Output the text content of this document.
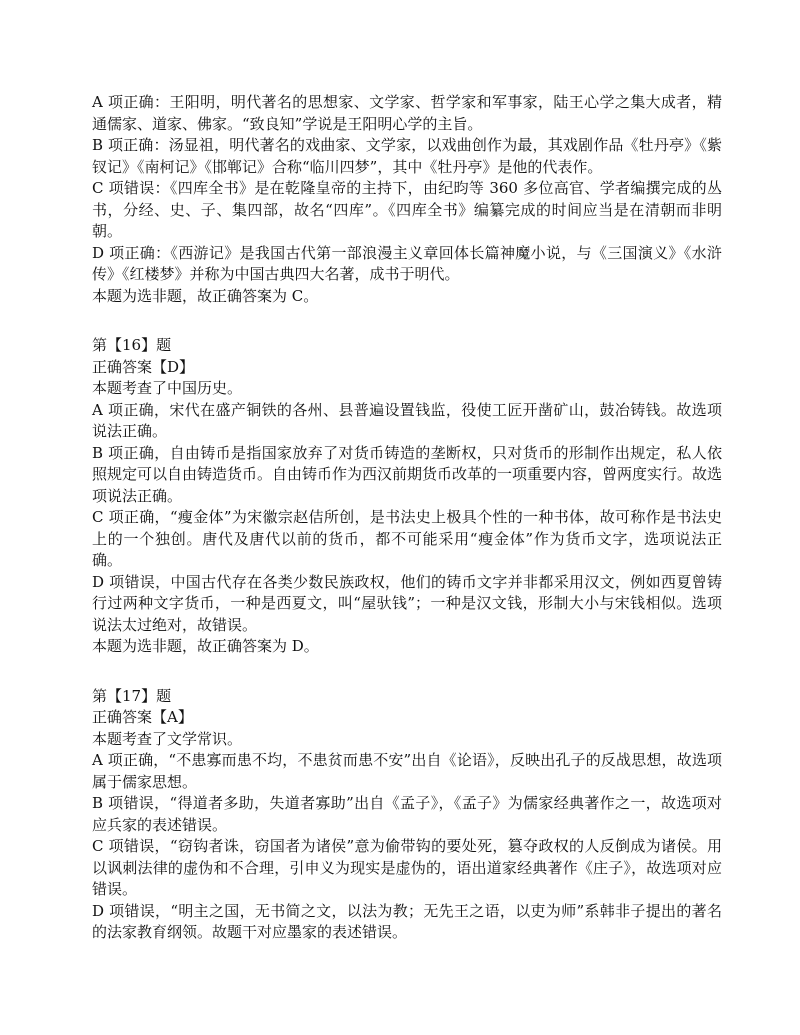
A 项正确：王阳明，明代著名的思想家、文学家、哲学家和军事家，陆王心学之集大成者，精通儒家、道家、佛家。“致良知”学说是王阳明心学的主旨。

B 项正确：汤显祖，明代著名的戏曲家、文学家，以戏曲创作为最，其戏剧作品《牡丹亭》《紫钗记》《南柯记》《邯郸记》合称“临川四梦”，其中《牡丹亭》是他的代表作。

C 项错误：《四库全书》是在乾隆皇帝的主持下，由纪昀等 360 多位高官、学者编撰完成的丛书，分经、史、子、集四部，故名“四库”。《四库全书》编纂完成的时间应当是在清朝而非明朝。

D 项正确：《西游记》是我国古代第一部浪漫主义章回体长篇神魔小说，与《三国演义》《水浒传》《红楼梦》并称为中国古典四大名著，成书于明代。

本题为选非题，故正确答案为 C。

第【16】题

正确答案【D】

本题考查了中国历史。

A 项正确，宋代在盛产铜铁的各州、县普遍设置钱监，役使工匠开凿矿山，鼓冶铸钱。故选项说法正确。

B 项正确，自由铸币是指国家放弃了对货币铸造的垄断权，只对货币的形制作出规定，私人依照规定可以自由铸造货币。自由铸币作为西汉前期货币改革的一项重要内容，曾两度实行。故选项说法正确。

C 项正确，“瘦金体”为宋徽宗赵佶所创，是书法史上极具个性的一种书体，故可称作是书法史上的一个独创。唐代及唐代以前的货币，都不可能采用“瘦金体”作为货币文字，选项说法正确。

D 项错误，中国古代存在各类少数民族政权，他们的铸币文字并非都采用汉文，例如西夏曾铸行过两种文字货币，一种是西夏文，叫“屋驮钱”；一种是汉文钱，形制大小与宋钱相似。选项说法太过绝对，故错误。

本题为选非题，故正确答案为 D。

第【17】题

正确答案【A】

本题考查了文学常识。

A 项正确，“不患寡而患不均，不患贫而患不安”出自《论语》，反映出孔子的反战思想，故选项属于儒家思想。

B 项错误，“得道者多助，失道者寡助”出自《孟子》，《孟子》为儒家经典著作之一，故选项对应兵家的表述错误。

C 项错误，“窃钩者诛，窃国者为诸侯”意为偷带钩的要处死，篡夺政权的人反倒成为诸侯。用以讽刺法律的虚伪和不合理，引申义为现实是虚伪的，语出道家经典著作《庄子》，故选项对应错误。

D 项错误，“明主之国，无书简之文，以法为教；无先王之语，以吏为师”系韩非子提出的著名的法家教育纲领。故题干对应墨家的表述错误。
